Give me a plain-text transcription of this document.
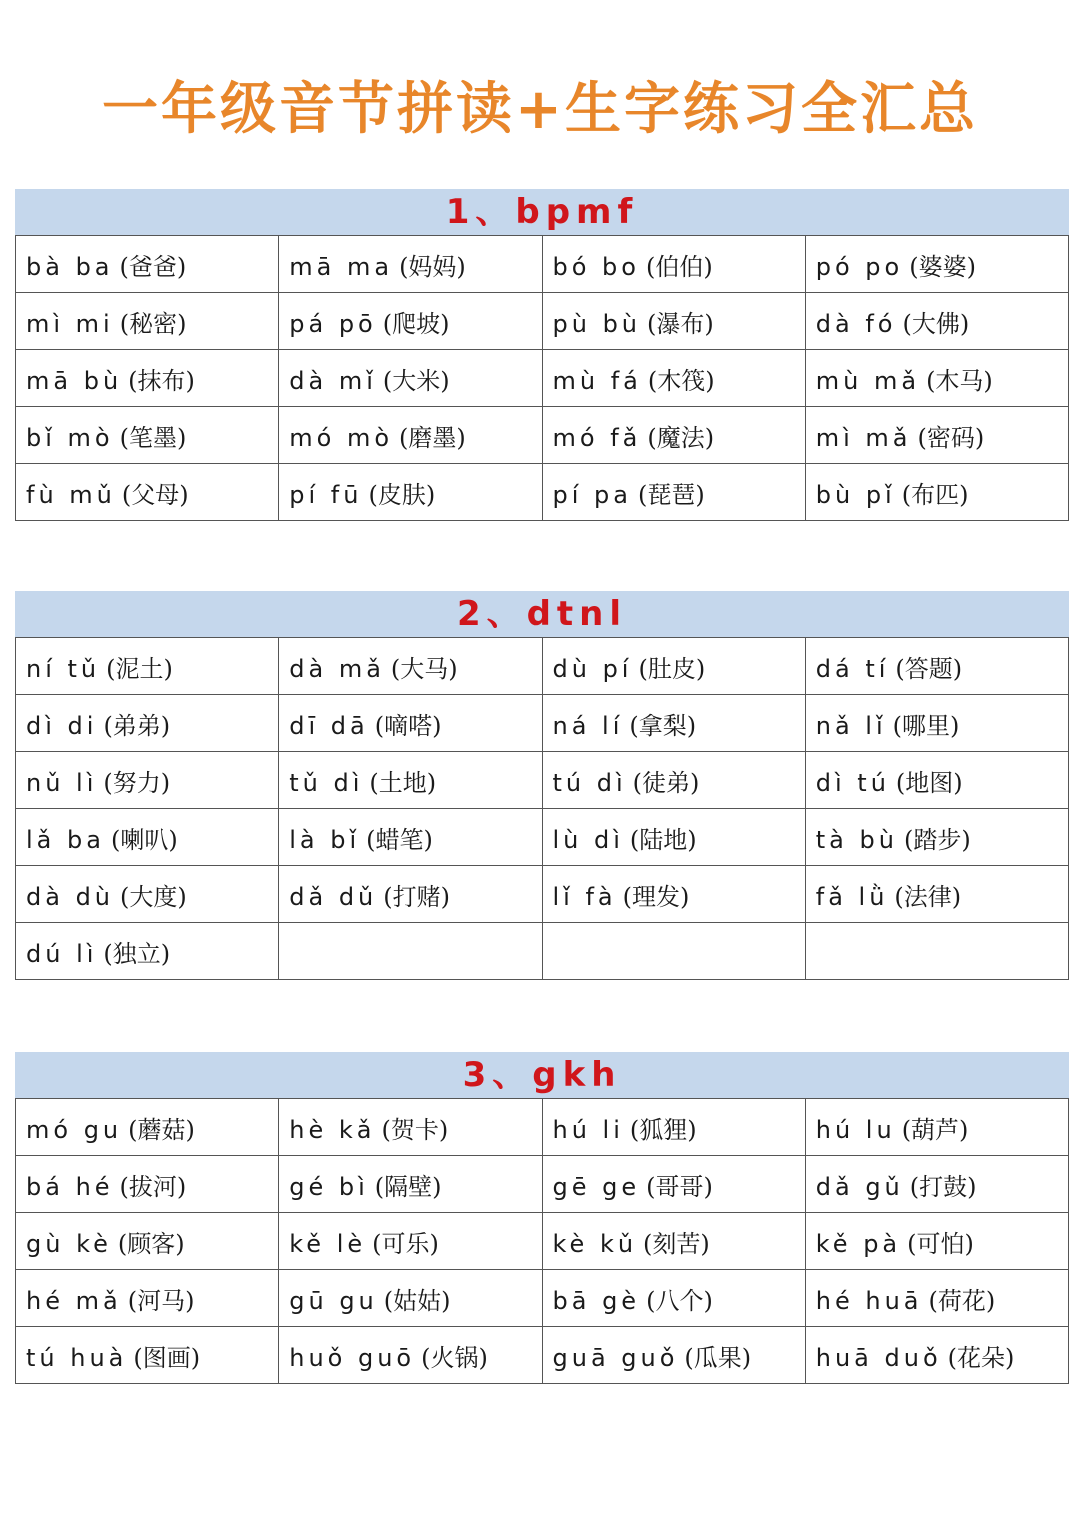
一年级音节拼读+生字练习全汇总
1、bpmf
bà ba (爸爸)	mā ma (妈妈)	bó bo (伯伯)	pó po (婆婆)
mì mi (秘密)	pá pō (爬坡)	pù bù (瀑布)	dà fó (大佛)
mā bù (抹布)	dà mǐ (大米)	mù fá (木筏)	mù mǎ (木马)
bǐ mò (笔墨)	mó mò (磨墨)	mó fǎ (魔法)	mì mǎ (密码)
fù mǔ (父母)	pí fū (皮肤)	pí pa (琵琶)	bù pǐ (布匹)
2、dtnl
ní tǔ (泥土)	dà mǎ (大马)	dù pí (肚皮)	dá tí (答题)
dì di (弟弟)	dī dā (嘀嗒)	ná lí (拿梨)	nǎ lǐ (哪里)
nǔ lì (努力)	tǔ dì (土地)	tú dì (徒弟)	dì tú (地图)
lǎ ba (喇叭)	là bǐ (蜡笔)	lù dì (陆地)	tà bù (踏步)
dà dù (大度)	dǎ dǔ (打赌)	lǐ fà (理发)	fǎ lǜ (法律)
dú lì (独立)			
3、gkh
mó gu (蘑菇)	hè kǎ (贺卡)	hú li (狐狸)	hú lu (葫芦)
bá hé (拔河)	gé bì (隔壁)	gē ge (哥哥)	dǎ gǔ (打鼓)
gù kè (顾客)	kě lè (可乐)	kè kǔ (刻苦)	kě pà (可怕)
hé mǎ (河马)	gū gu (姑姑)	bā gè (八个)	hé huā (荷花)
tú huà (图画)	huǒ guō (火锅)	guā guǒ (瓜果)	huā duǒ (花朵)
